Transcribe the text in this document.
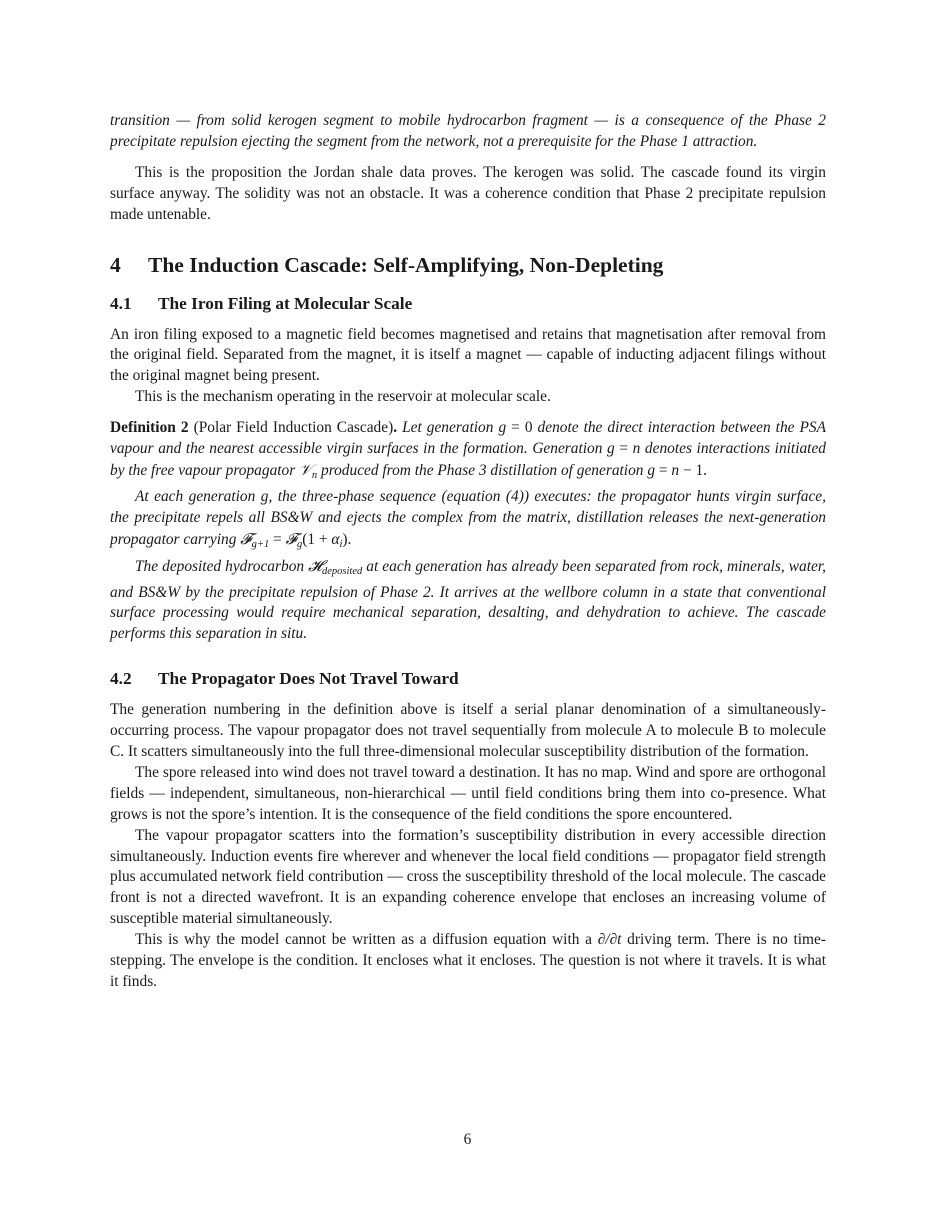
transition — from solid kerogen segment to mobile hydrocarbon fragment — is a consequence of the Phase 2 precipitate repulsion ejecting the segment from the network, not a prerequisite for the Phase 1 attraction.

This is the proposition the Jordan shale data proves. The kerogen was solid. The cascade found its virgin surface anyway. The solidity was not an obstacle. It was a coherence condition that Phase 2 precipitate repulsion made untenable.

4 The Induction Cascade: Self-Amplifying, Non-Depleting
4.1 The Iron Filing at Molecular Scale

An iron filing exposed to a magnetic field becomes magnetised and retains that magnetisation after removal from the original field. Separated from the magnet, it is itself a magnet — capable of inducting adjacent filings without the original magnet being present.

This is the mechanism operating in the reservoir at molecular scale.

Definition 2 (Polar Field Induction Cascade). Let generation g = 0 denote the direct interaction between the PSA vapour and the nearest accessible virgin surfaces in the formation. Generation g = n denotes interactions initiated by the free vapour propagator 𝒱$_n$ produced from the Phase 3 distillation of generation g = n − 1.

At each generation g, the three-phase sequence (equation (4)) executes: the propagator hunts virgin surface, the precipitate repels all BS&W and ejects the complex from the matrix, distillation releases the next-generation propagator carrying 𝓕$_{g+1}$ = 𝓕$_g$(1 + $\alpha_i$).

The deposited hydrocarbon 𝓗$_{deposited}$ at each generation has already been separated from rock, minerals, water, and BS&W by the precipitate repulsion of Phase 2. It arrives at the wellbore column in a state that conventional surface processing would require mechanical separation, desalting, and dehydration to achieve. The cascade performs this separation in situ.

4.2 The Propagator Does Not Travel Toward

The generation numbering in the definition above is itself a serial planar denomination of a simultaneously-occurring process. The vapour propagator does not travel sequentially from molecule A to molecule B to molecule C. It scatters simultaneously into the full three-dimensional molecular susceptibility distribution of the formation.

The spore released into wind does not travel toward a destination. It has no map. Wind and spore are orthogonal fields — independent, simultaneous, non-hierarchical — until field conditions bring them into co-presence. What grows is not the spore’s intention. It is the consequence of the field conditions the spore encountered.

The vapour propagator scatters into the formation’s susceptibility distribution in every accessible direction simultaneously. Induction events fire wherever and whenever the local field conditions — propagator field strength plus accumulated network field contribution — cross the susceptibility threshold of the local molecule. The cascade front is not a directed wavefront. It is an expanding coherence envelope that encloses an increasing volume of susceptible material simultaneously.

This is why the model cannot be written as a diffusion equation with a ∂/∂t driving term. There is no time-stepping. The envelope is the condition. It encloses what it encloses. The question is not where it travels. It is what it finds.

6
